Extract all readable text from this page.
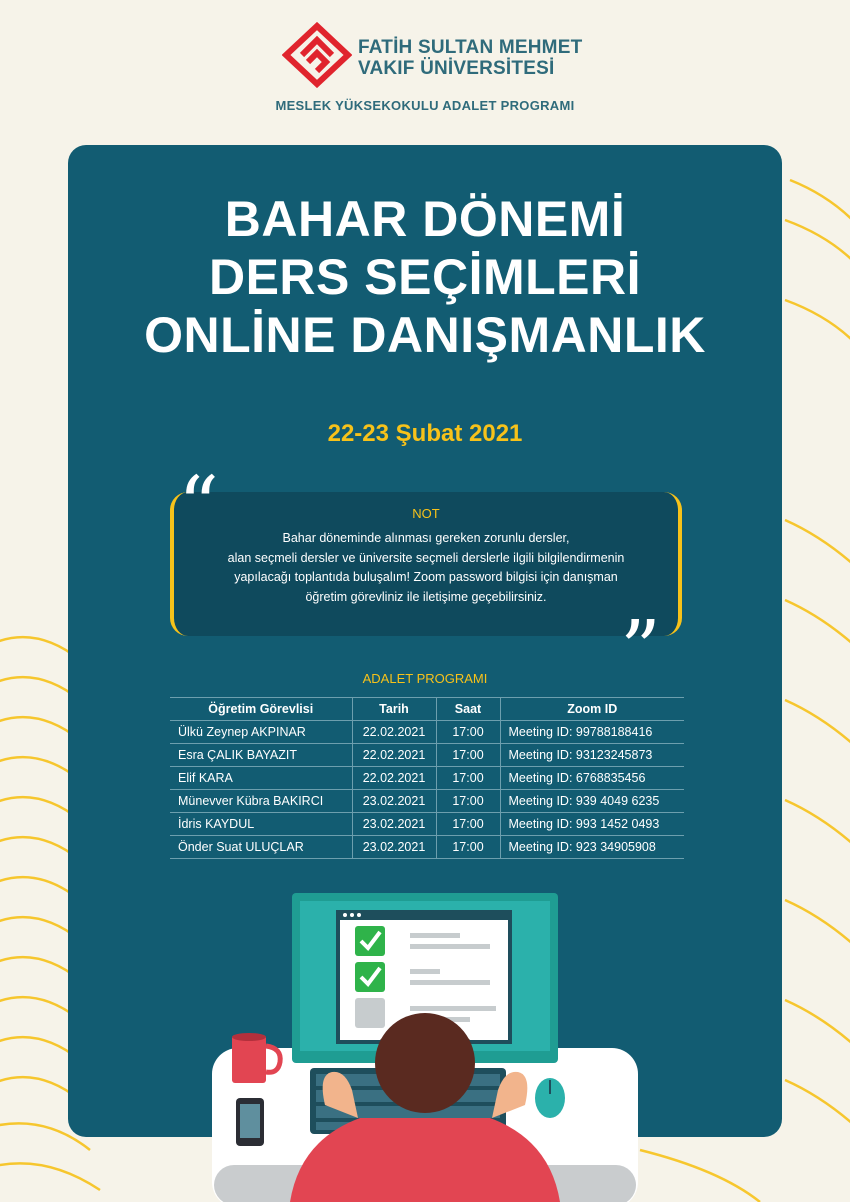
FATİH SULTAN MEHMET
VAKIF ÜNİVERSİTESİ
MESLEK YÜKSEKOKULU ADALET PROGRAMI
BAHAR DÖNEMİ
DERS SEÇİMLERİ
ONLİNE DANIŞMANLIK
22-23 Şubat 2021
NOT
Bahar döneminde alınması gereken zorunlu dersler,
alan seçmeli dersler ve üniversite seçmeli derslerle ilgili bilgilendirmenin
yapılacağı toplantıda buluşalım! Zoom password bilgisi için danışman
öğretim görevliniz ile iletişime geçebilirsiniz.
“
”
ADALET PROGRAMI
Öğretim Görevlisi	Tarih	Saat	Zoom ID
Ülkü Zeynep AKPINAR	22.02.2021	17:00	Meeting ID: 99788188416
Esra ÇALIK BAYAZIT	22.02.2021	17:00	Meeting ID: 93123245873
Elif KARA	22.02.2021	17:00	Meeting ID: 6768835456
Münevver Kübra BAKIRCI	23.02.2021	17:00	Meeting ID: 939 4049 6235
İdris KAYDUL	23.02.2021	17:00	Meeting ID: 993 1452 0493
Önder Suat ULUÇLAR	23.02.2021	17:00	Meeting ID: 923 34905908
